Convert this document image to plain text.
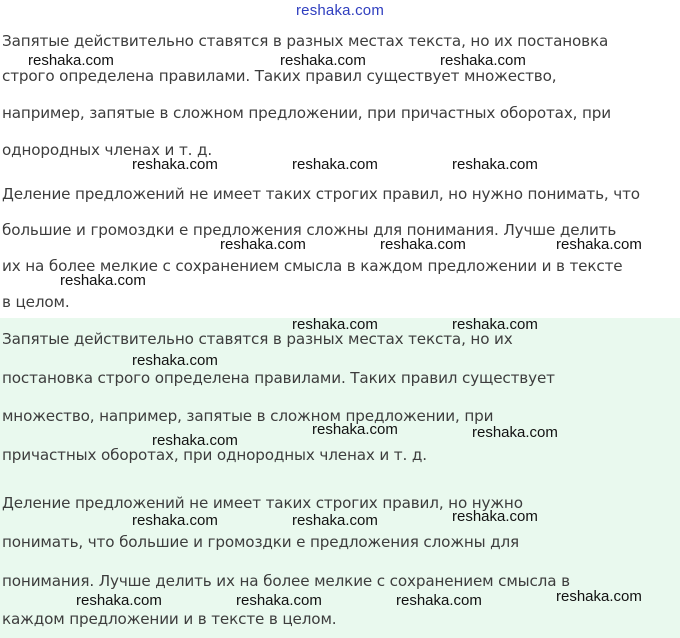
reshaka.com
Запятые действительно ставятся в разных местах текста, но их постановка
строго определена правилами. Таких правил существует множество,
например, запятые в сложном предложении, при причастных оборотах, при
однородных членах и т. д.
Деление предложений не имеет таких строгих правил, но нужно понимать, что
большие и громоздки е предложения сложны для понимания. Лучше делить
их на более мелкие с сохранением смысла в каждом предложении и в тексте
в целом.
Запятые действительно ставятся в разных местах текста, но их
постановка строго определена правилами. Таких правил существует
множество, например, запятые в сложном предложении, при
причастных оборотах, при однородных членах и т. д.
Деление предложений не имеет таких строгих правил, но нужно
понимать, что большие и громоздки е предложения сложны для
понимания. Лучше делить их на более мелкие с сохранением смысла в
каждом предложении и в тексте в целом.
reshaka.com	reshaka.com	reshaka.com
reshaka.com	reshaka.com	reshaka.com
reshaka.com	reshaka.com	reshaka.com
reshaka.com
reshaka.com	reshaka.com
reshaka.com
reshaka.com	reshaka.com
reshaka.com
reshaka.com
reshaka.com	reshaka.com
reshaka.com
reshaka.com	reshaka.com	reshaka.com
